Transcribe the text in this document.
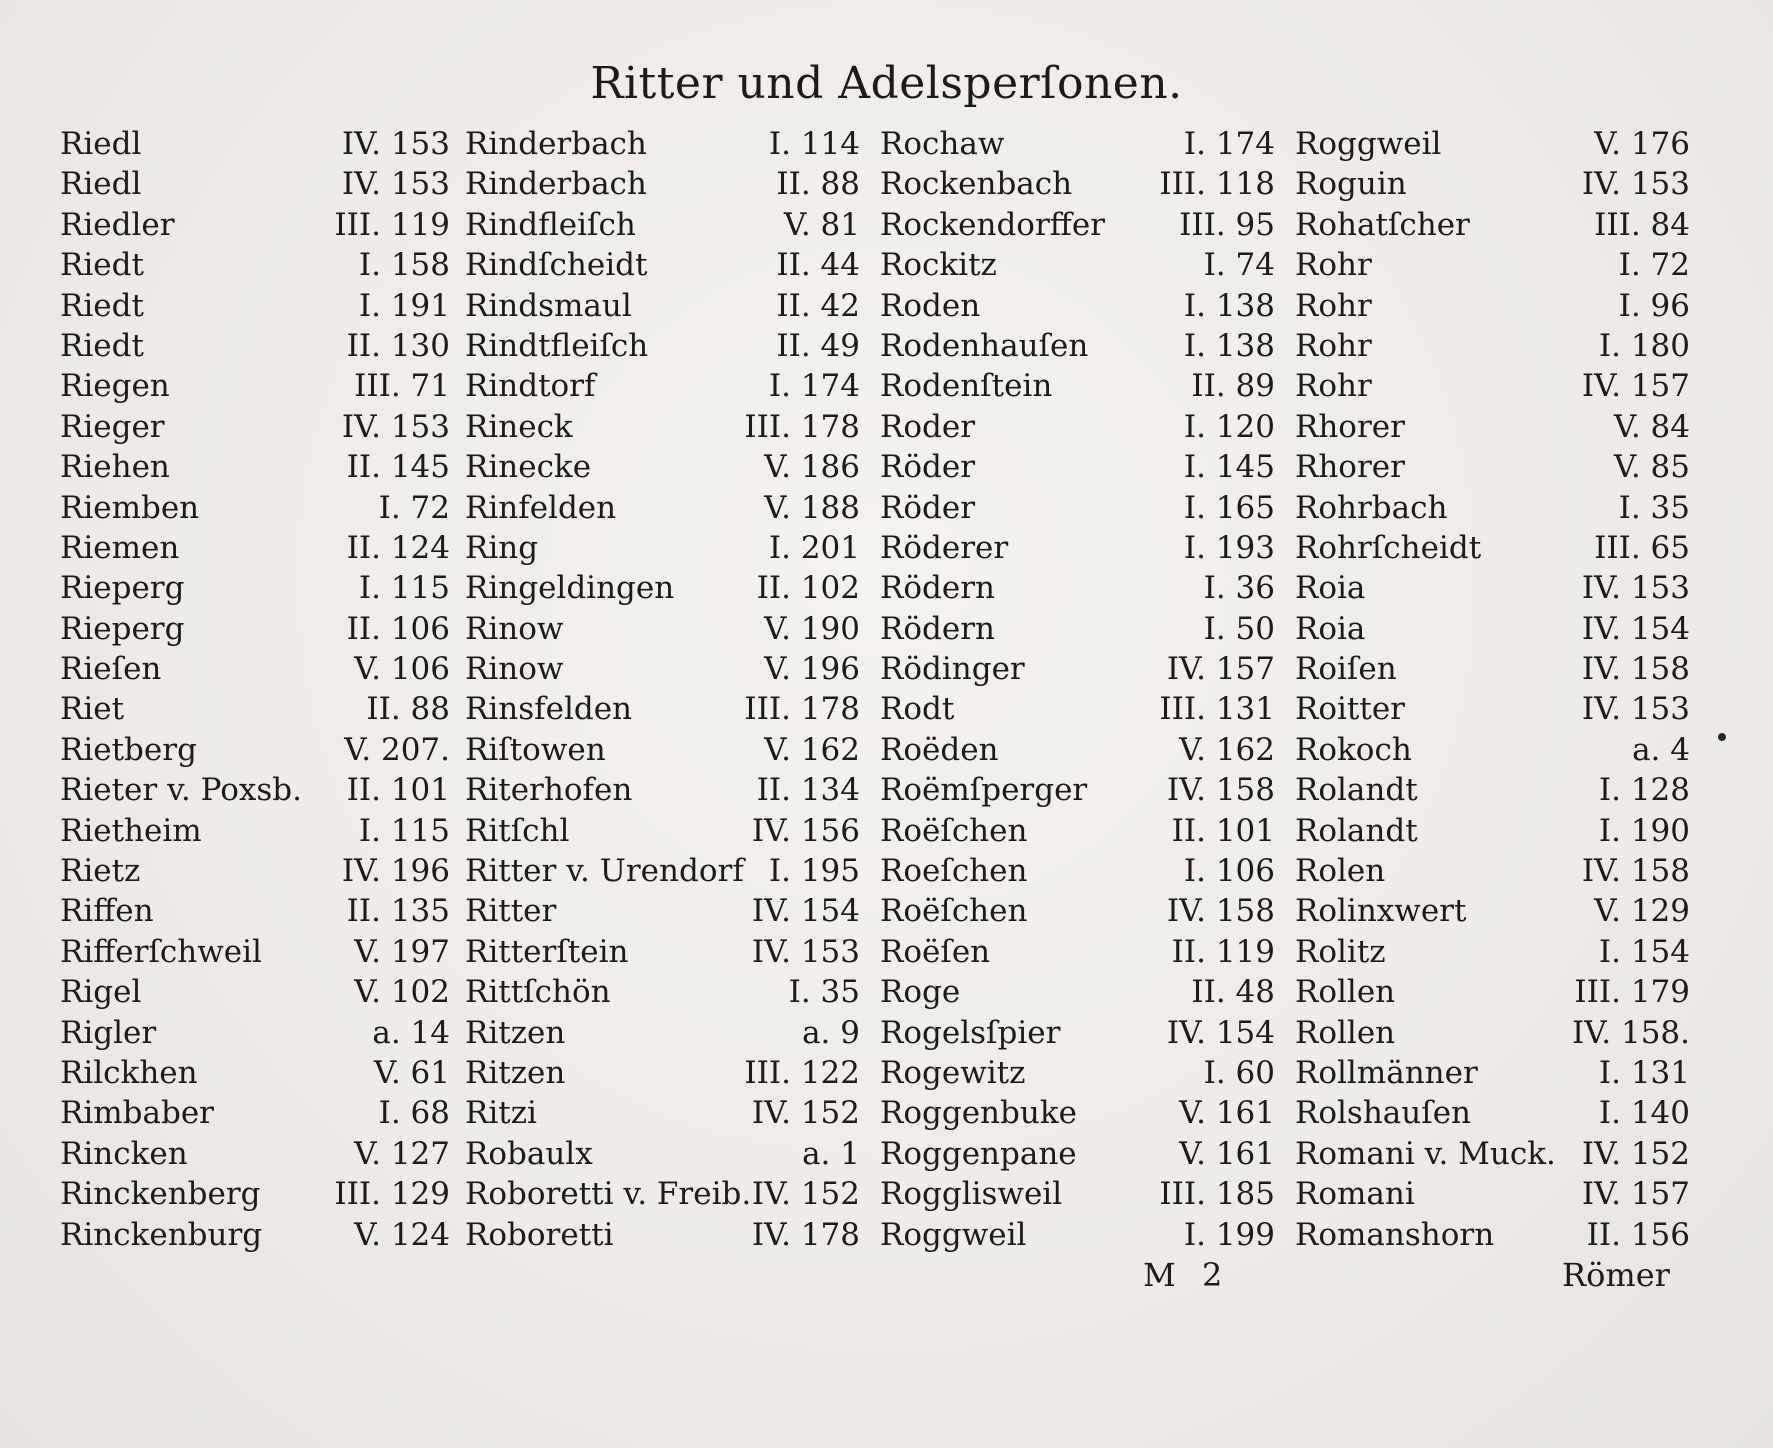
Ritter und Adelsperſonen.
Riedl	IV. 153
Riedl	IV. 153
Riedler	III. 119
Riedt	I. 158
Riedt	I. 191
Riedt	II. 130
Riegen	III. 71
Rieger	IV. 153
Riehen	II. 145
Riemben	I. 72
Riemen	II. 124
Rieperg	I. 115
Rieperg	II. 106
Rieſen	V. 106
Riet	II. 88
Rietberg	V. 207.
Rieter v. Poxsb. II. 101
Rietheim	I. 115
Rietz	IV. 196
Riffen	II. 135
Rifferſchweil	V. 197
Rigel	V. 102
Rigler	a. 14
Rilckhen	V. 61
Rimbaber	I. 68
Rincken	V. 127
Rinckenberg III. 129
Rinckenburg	V. 124
Rinderbach	I. 114
Rinderbach	II. 88
Rindfleiſch	V. 81
Rindſcheidt	II. 44
Rindsmaul	II. 42
Rindtfleiſch	II. 49
Rindtorf	I. 174
Rineck	III. 178
Rinecke	V. 186
Rinfelden	V. 188
Ring	I. 201
Ringeldingen	II. 102
Rinow	V. 190
Rinow	V. 196
Rinsfelden	III. 178
Riſtowen	V. 162
Riterhofen	II. 134
Ritſchl	IV. 156
Ritter v. Urendorf I. 195
Ritter	IV. 154
Ritterſtein	IV. 153
Rittſchön	I. 35
Ritzen	a. 9
Ritzen	III. 122
Ritzi	IV. 152
Robaulx	a. 1
Roboretti v. Freib. IV. 152
Roboretti	IV. 178
Rochaw	I. 174
Rockenbach	III. 118
Rockendorffer III. 95
Rockitz	I. 74
Roden	I. 138
Rodenhauſen	I. 138
Rodenſtein	II. 89
Roder	I. 120
Röder	I. 145
Röder	I. 165
Röderer	I. 193
Rödern	I. 36
Rödern	I. 50
Rödinger	IV. 157
Rodt	III. 131
Roëden	V. 162
Roëmſperger	IV. 158
Roëſchen	II. 101
Roeſchen	I. 106
Roëſchen	IV. 158
Roëſen	II. 119
Roge	II. 48
Rogelsſpier	IV. 154
Rogewitz	I. 60
Roggenbuke	V. 161
Roggenpane	V. 161
Rogglisweil	III. 185
Roggweil	I. 199
Roggweil	V. 176
Roguin	IV. 153
Rohatſcher	III. 84
Rohr	I. 72
Rohr	I. 96
Rohr	I. 180
Rohr	IV. 157
Rhorer	V. 84
Rhorer	V. 85
Rohrbach	I. 35
Rohrſcheidt	III. 65
Roia	IV. 153
Roia	IV. 154
Roiſen	IV. 158
Roitter	IV. 153
Rokoch	a. 4
Rolandt	I. 128
Rolandt	I. 190
Rolen	IV. 158
Rolinxwert	V. 129
Rolitz	I. 154
Rollen	III. 179
Rollen	IV. 158.
Rollmänner	I. 131
Rolshauſen	I. 140
Romani v. Muck. IV. 152
Romani	IV. 157
Romanshorn	II. 156
M 2	Römer
